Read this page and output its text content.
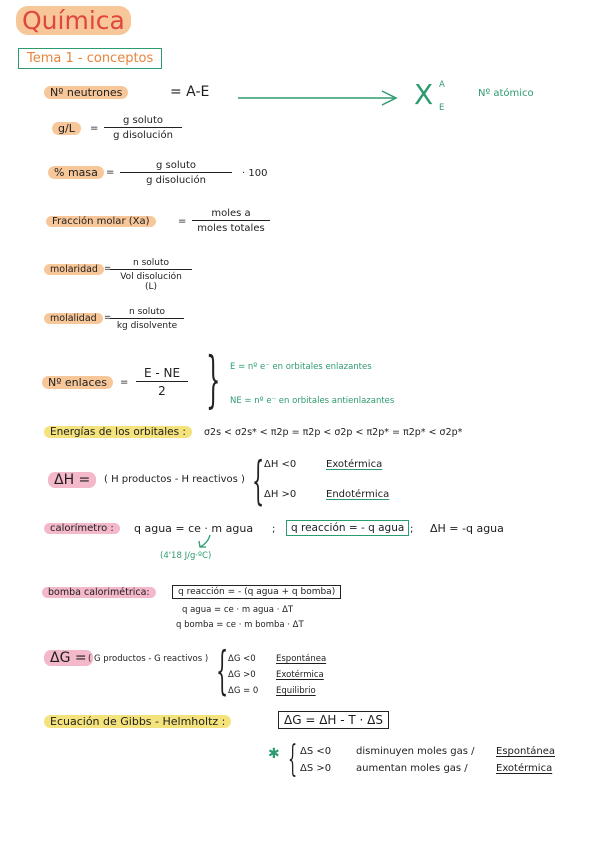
Química
Tema 1 - conceptos
Nº neutrones	= A-E	X A
E
Nº atómico
g/L	=
g soluto
g disolución
% masa =
g soluto
g disolución
· 100
Fracción molar (Xa)	=
moles a
moles totales
molaridad =
n soluto
Vol disolución (L)
molalidad =
n soluto
kg disolvente
Nº enlaces	= $\frac{E - NE}{2}$ } E = nº e⁻ en orbitales enlazantes
NE = nº e⁻ en orbitales antienlazantes
Energías de los orbitales :	σ2s < σ2s* < π2p = π2p < σ2p < π2p* = π2p* < σ2p*
ΔH =	( H productos - H reactivos ) { ΔH <0	Exotérmica
ΔH >0	Endotérmica
calorímetro :	q agua = ce · m agua ;	q reacción = - q agua ; ΔH = -q agua
(4'18 J/g·ºC)
bomba calorimétrica:	q reacción = - (q agua + q bomba)
q agua = ce · m agua · ΔT
q bomba = ce · m bomba · ΔT
ΔG = ( G productos - G reactivos ) { ΔG <0 Espontánea
ΔG >0 Exotérmica
ΔG = 0 Equilibrio
Ecuación de Gibbs - Helmholtz :	ΔG = ΔH - T · ΔS
✱ { ΔS <0 disminuyen moles gas / Espontánea
ΔS >0 aumentan moles gas /	Exotérmica
